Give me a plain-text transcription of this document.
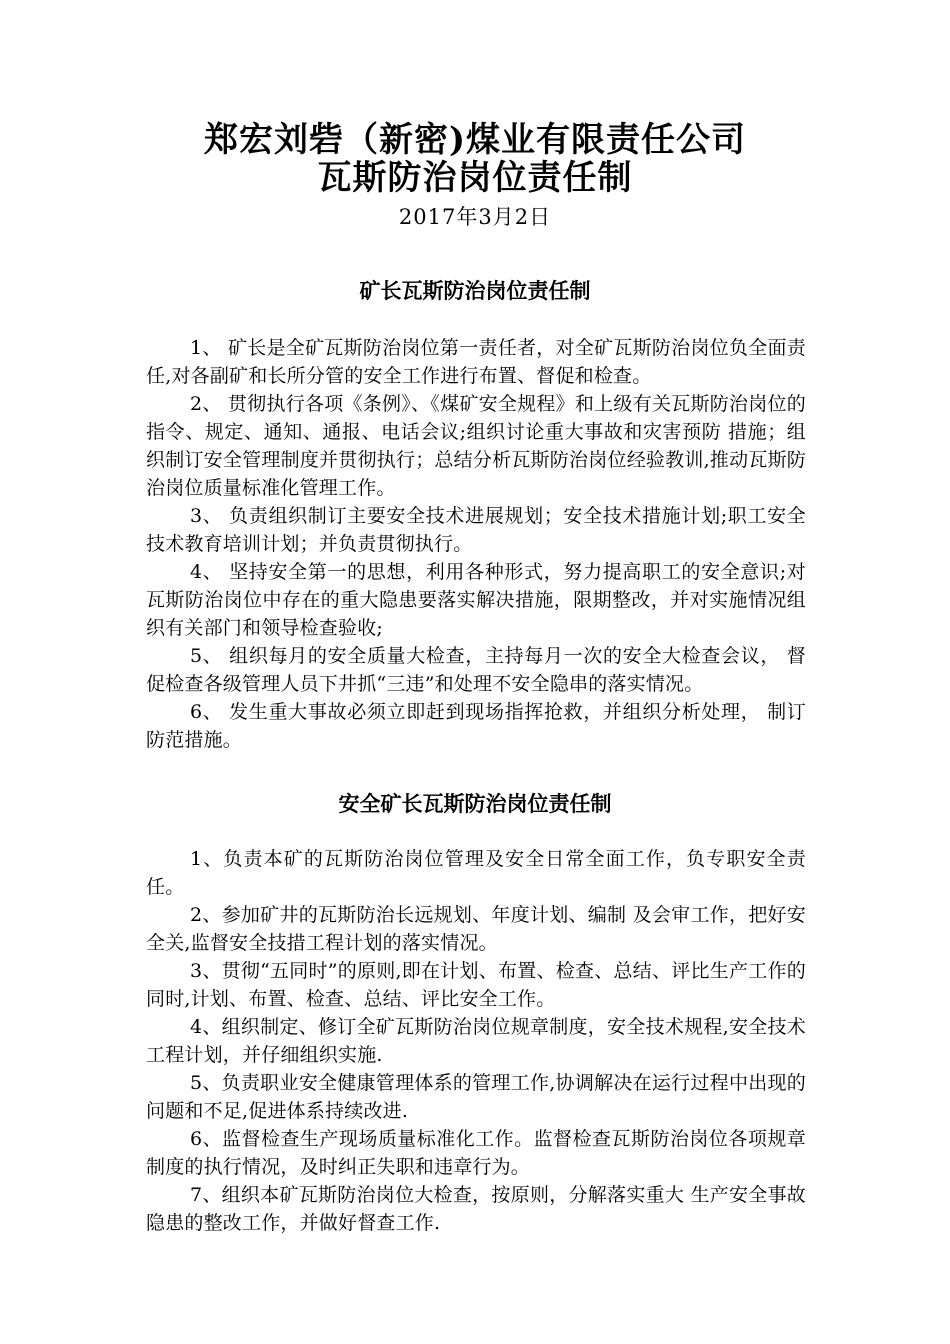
郑宏刘砦（新密)煤业有限责任公司
瓦斯防治岗位责任制
2017年3月2日
矿长瓦斯防治岗位责任制

1、 矿长是全矿瓦斯防治岗位第一责任者，对全矿瓦斯防治岗位负全面责任,对各副矿和长所分管的安全工作进行布置、督促和检查。

2、 贯彻执行各项《条例》、《煤矿安全规程》和上级有关瓦斯防治岗位的指令、规定、通知、通报、电话会议;组织讨论重大事故和灾害预防 措施；组织制订安全管理制度并贯彻执行；总结分析瓦斯防治岗位经验教训,推动瓦斯防治岗位质量标准化管理工作。

3、 负责组织制订主要安全技术进展规划；安全技术措施计划;职工安全技术教育培训计划；并负责贯彻执行。

4、 坚持安全第一的思想，利用各种形式，努力提高职工的安全意识;对瓦斯防治岗位中存在的重大隐患要落实解决措施，限期整改，并对实施情况组织有关部门和领导检查验收;

5、 组织每月的安全质量大检查，主持每月一次的安全大检查会议， 督促检查各级管理人员下井抓“三违”和处理不安全隐串的落实情况。

6、 发生重大事故必须立即赶到现场指挥抢救，并组织分析处理， 制订防范措施。

安全矿长瓦斯防治岗位责任制

1、负责本矿的瓦斯防治岗位管理及安全日常全面工作，负专职安全责任。

2、参加矿井的瓦斯防治长远规划、年度计划、编制 及会审工作，把好安全关,监督安全技措工程计划的落实情况。

3、贯彻“五同时”的原则,即在计划、布置、检查、总结、评比生产工作的同时,计划、布置、检查、总结、评比安全工作。

4、组织制定、修订全矿瓦斯防治岗位规章制度，安全技术规程,安全技术工程计划，并仔细组织实施.

5、负责职业安全健康管理体系的管理工作,协调解决在运行过程中出现的问题和不足,促进体系持续改进.

6、监督检查生产现场质量标准化工作。监督检查瓦斯防治岗位各项规章制度的执行情况，及时纠正失职和违章行为。

7、组织本矿瓦斯防治岗位大检查，按原则，分解落实重大 生产安全事故隐患的整改工作，并做好督查工作.
